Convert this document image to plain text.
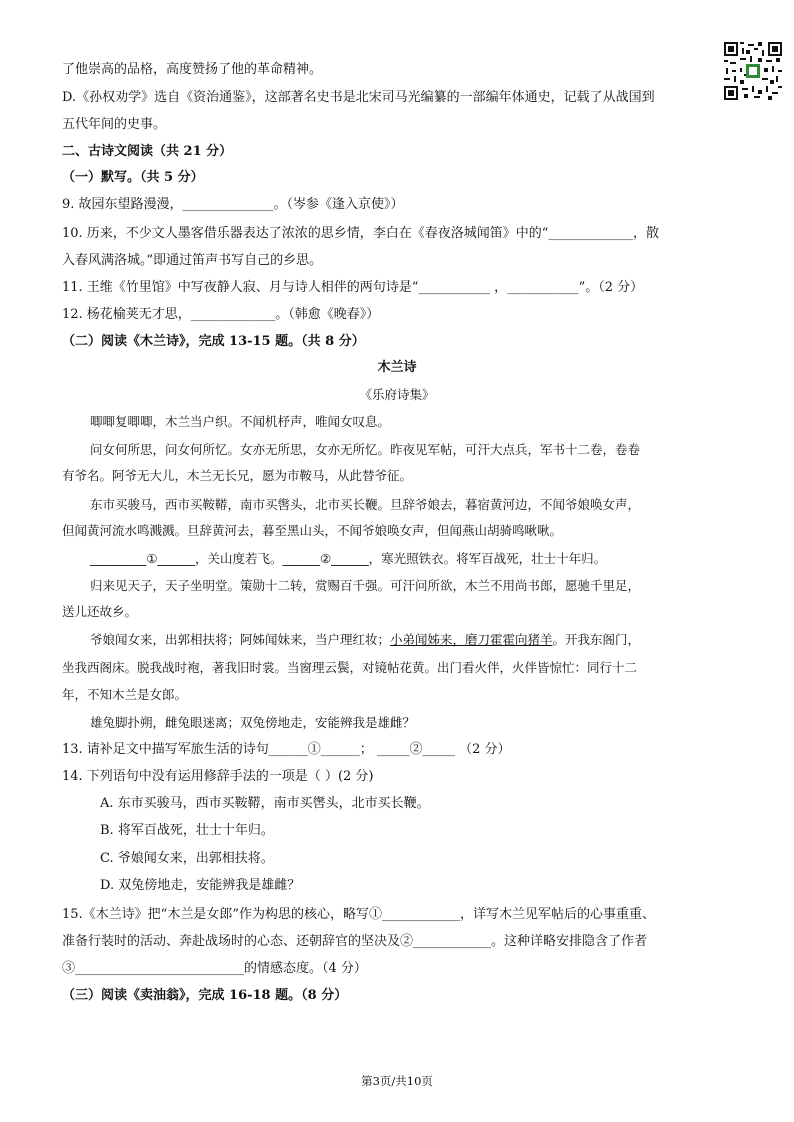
了他崇高的品格，高度赞扬了他的革命精神。
D.《孙权劝学》选自《资治通鉴》，这部著名史书是北宋司马光编纂的一部编年体通史，记载了从战国到
五代年间的史事。
二、古诗文阅读（共 21 分）
（一）默写。（共 5 分）
9. 故园东望路漫漫，______________。（岑参《逢入京使》）
10. 历来，不少文人墨客借乐器表达了浓浓的思乡情，李白在《春夜洛城闻笛》中的“_____________，散
入春风满洛城。”即通过笛声书写自己的乡思。
11. 王维《竹里馆》中写夜静人寂、月与诗人相伴的两句诗是“___________ ，___________”。（2 分）
12. 杨花榆荚无才思，_____________。（韩愈《晚春》）
（二）阅读《木兰诗》，完成 13-15 题。（共 8 分）
木兰诗
《乐府诗集》
唧唧复唧唧，木兰当户织。不闻机杼声，唯闻女叹息。
问女何所思，问女何所忆。女亦无所思，女亦无所忆。昨夜见军帖，可汗大点兵，军书十二卷，卷卷
有爷名。阿爷无大儿，木兰无长兄，愿为市鞍马，从此替爷征。
东市买骏马，西市买鞍鞯，南市买辔头，北市买长鞭。旦辞爷娘去，暮宿黄河边，不闻爷娘唤女声，
但闻黄河流水鸣溅溅。旦辞黄河去，暮至黑山头，不闻爷娘唤女声，但闻燕山胡骑鸣啾啾。
_________①______，关山度若飞。______②______，寒光照铁衣。将军百战死，壮士十年归。
归来见天子，天子坐明堂。策勋十二转，赏赐百千强。可汗问所欲，木兰不用尚书郎，愿驰千里足，
送儿还故乡。
爷娘闻女来，出郭相扶将；阿姊闻妹来，当户理红妆；小弟闻姊来，磨刀霍霍向猪羊。开我东阁门，
坐我西阁床。脱我战时袍，著我旧时裳。当窗理云鬓，对镜帖花黄。出门看火伴，火伴皆惊忙：同行十二
年，不知木兰是女郎。
雄兔脚扑朔，雌兔眼迷离；双兔傍地走，安能辨我是雄雌？
13. 请补足文中描写军旅生活的诗句______①______； _____②_____ （2 分）
14. 下列语句中没有运用修辞手法的一项是（ ）(2 分)
A. 东市买骏马，西市买鞍鞯，南市买辔头，北市买长鞭。
B. 将军百战死，壮士十年归。
C. 爷娘闻女来，出郭相扶将。
D. 双兔傍地走，安能辨我是雄雌？
15.《木兰诗》把“木兰是女郎”作为构思的核心，略写①____________，详写木兰见军帖后的心事重重、
准备行装时的活动、奔赴战场时的心态、还朝辞官的坚决及②____________。这种详略安排隐含了作者
③__________________________的情感态度。（4 分）
（三）阅读《卖油翁》，完成 16-18 题。（8 分）
第3页/共10页
